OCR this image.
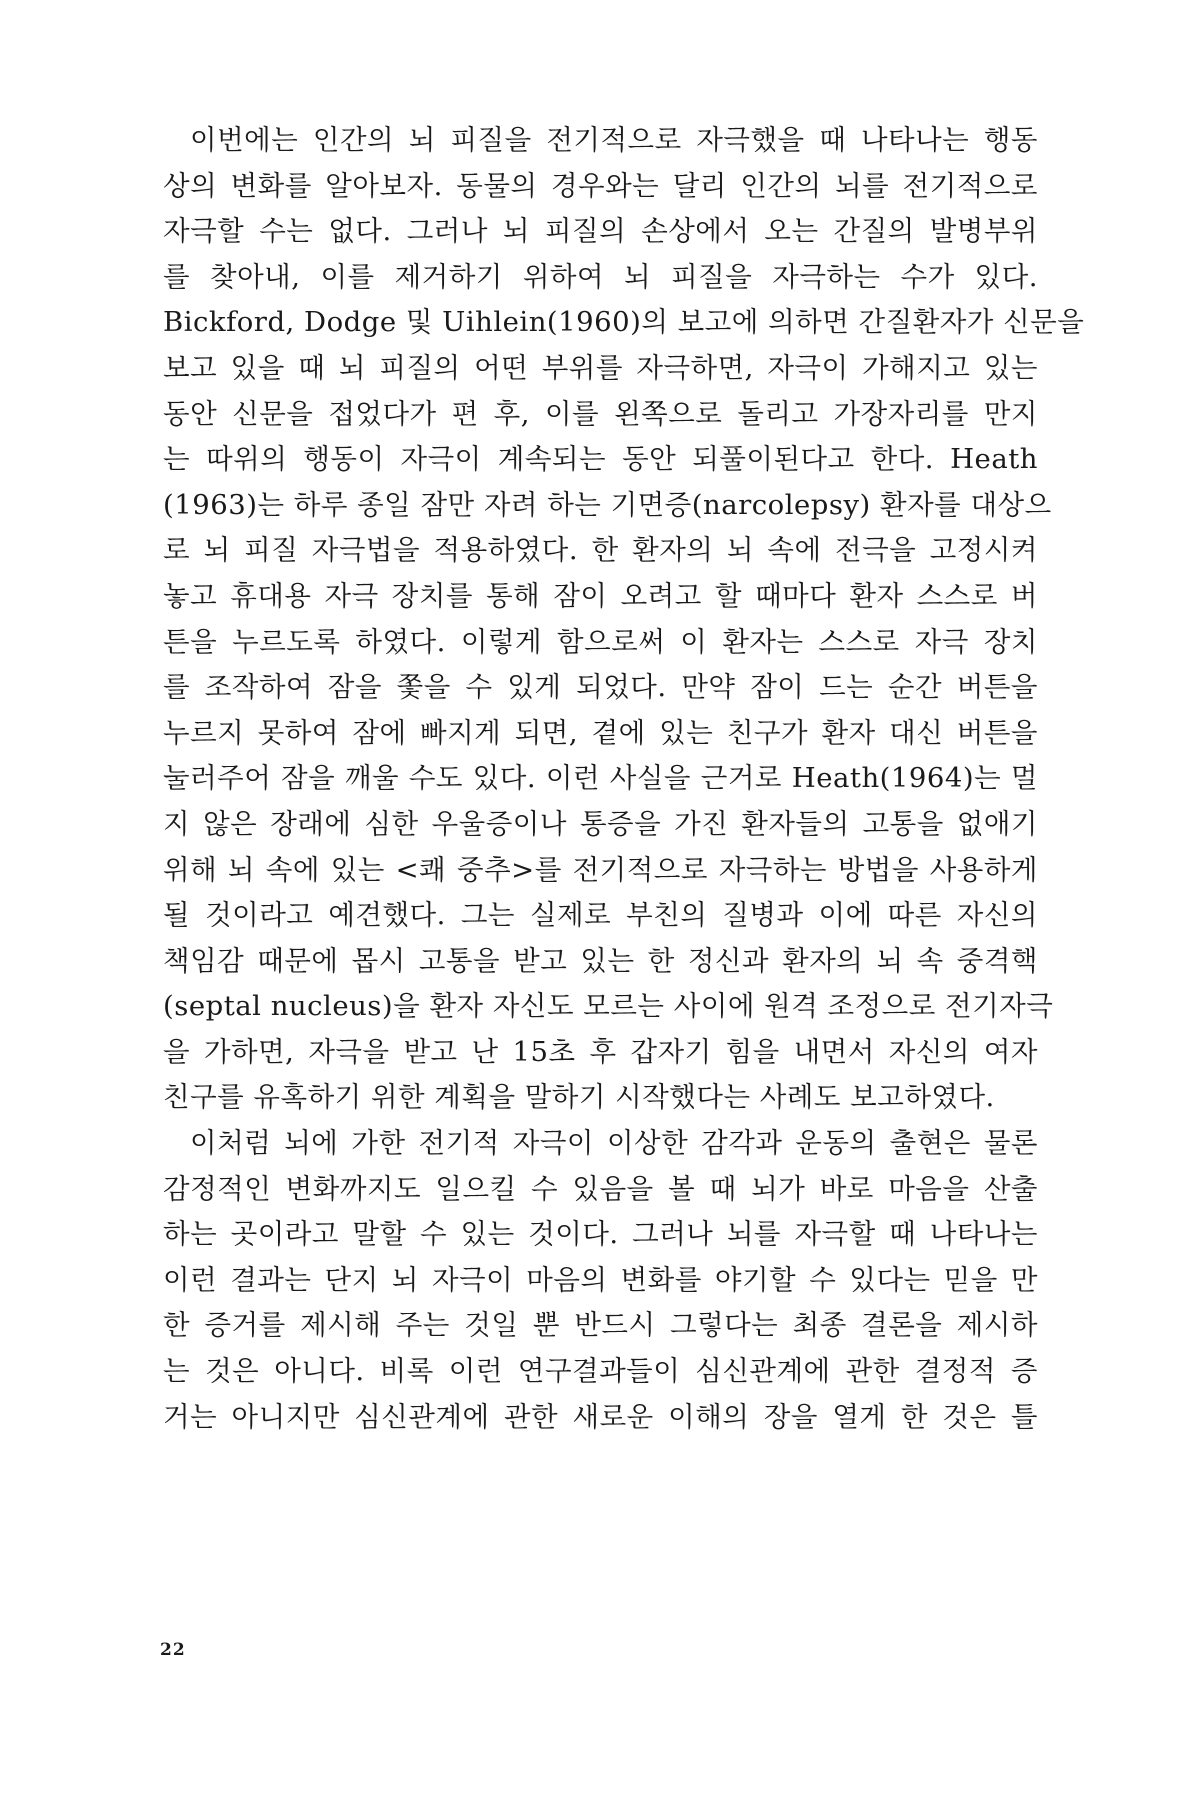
이번에는 인간의 뇌 피질을 전기적으로 자극했을 때 나타나는 행동
상의 변화를 알아보자. 동물의 경우와는 달리 인간의 뇌를 전기적으로
자극할 수는 없다. 그러나 뇌 피질의 손상에서 오는 간질의 발병부위
를 찾아내, 이를 제거하기 위하여 뇌 피질을 자극하는 수가 있다.
Bickford, Dodge 및 Uihlein(1960)의 보고에 의하면 간질환자가 신문을
보고 있을 때 뇌 피질의 어떤 부위를 자극하면, 자극이 가해지고 있는
동안 신문을 접었다가 편 후, 이를 왼쪽으로 돌리고 가장자리를 만지
는 따위의 행동이 자극이 계속되는 동안 되풀이된다고 한다. Heath
(1963)는 하루 종일 잠만 자려 하는 기면증(narcolepsy) 환자를 대상으
로 뇌 피질 자극법을 적용하였다. 한 환자의 뇌 속에 전극을 고정시켜
놓고 휴대용 자극 장치를 통해 잠이 오려고 할 때마다 환자 스스로 버
튼을 누르도록 하였다. 이렇게 함으로써 이 환자는 스스로 자극 장치
를 조작하여 잠을 쫓을 수 있게 되었다. 만약 잠이 드는 순간 버튼을
누르지 못하여 잠에 빠지게 되면, 곁에 있는 친구가 환자 대신 버튼을
눌러주어 잠을 깨울 수도 있다. 이런 사실을 근거로 Heath(1964)는 멀
지 않은 장래에 심한 우울증이나 통증을 가진 환자들의 고통을 없애기
위해 뇌 속에 있는 <쾌 중추>를 전기적으로 자극하는 방법을 사용하게
될 것이라고 예견했다. 그는 실제로 부친의 질병과 이에 따른 자신의
책임감 때문에 몹시 고통을 받고 있는 한 정신과 환자의 뇌 속 중격핵
(septal nucleus)을 환자 자신도 모르는 사이에 원격 조정으로 전기자극
을 가하면, 자극을 받고 난 15초 후 갑자기 힘을 내면서 자신의 여자
친구를 유혹하기 위한 계획을 말하기 시작했다는 사례도 보고하였다.
이처럼 뇌에 가한 전기적 자극이 이상한 감각과 운동의 출현은 물론
감정적인 변화까지도 일으킬 수 있음을 볼 때 뇌가 바로 마음을 산출
하는 곳이라고 말할 수 있는 것이다. 그러나 뇌를 자극할 때 나타나는
이런 결과는 단지 뇌 자극이 마음의 변화를 야기할 수 있다는 믿을 만
한 증거를 제시해 주는 것일 뿐 반드시 그렇다는 최종 결론을 제시하
는 것은 아니다. 비록 이런 연구결과들이 심신관계에 관한 결정적 증
거는 아니지만 심신관계에 관한 새로운 이해의 장을 열게 한 것은 틀
22
